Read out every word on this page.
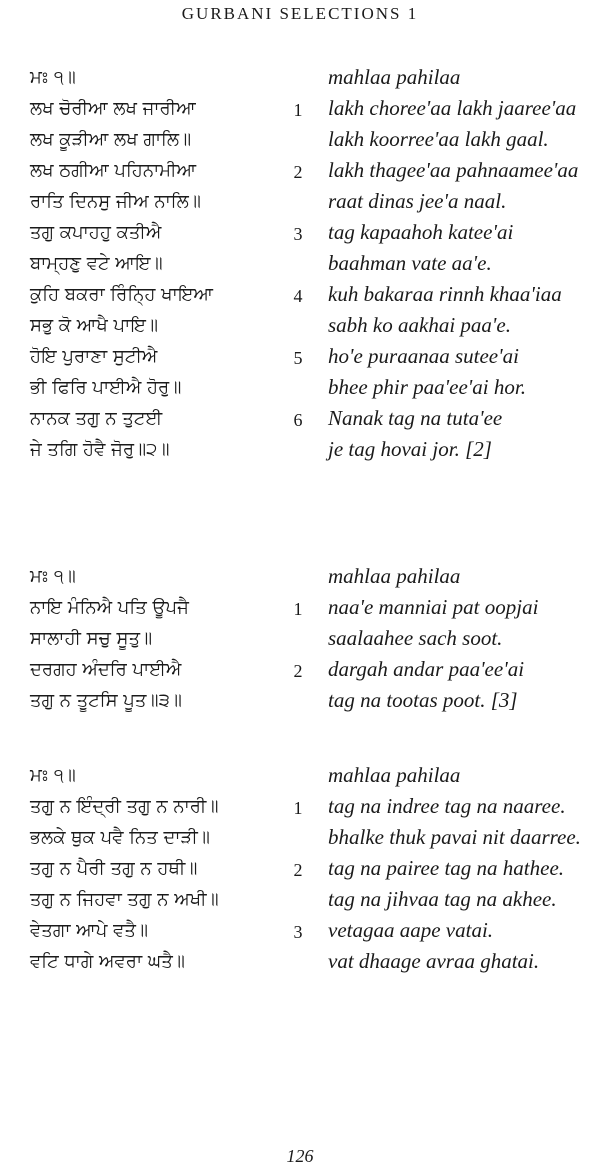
GURBANI SELECTIONS 1
ਮਃ ੧॥	mahlaa pahilaa
ਲਖ ਚੋਰੀਆ ਲਖ ਜਾਰੀਆ	1 lakh choree'aa lakh jaaree'aa
ਲਖ ਕੂੜੀਆ ਲਖ ਗਾਲਿ॥	lakh koorree'aa lakh gaal.
ਲਖ ਠਗੀਆ ਪਹਿਨਾਮੀਆ	2 lakh thagee'aa pahnaamee'aa
ਰਾਤਿ ਦਿਨਸੁ ਜੀਅ ਨਾਲਿ॥	raat dinas jee'a naal.
ਤਗੁ ਕਪਾਹਹੁ ਕਤੀਐ	3 tag kapaahoh katee'ai
ਬਾਮ੍ਹਣੁ ਵਟੇ ਆਇ॥	baahman vate aa'e.
ਕੁਹਿ ਬਕਰਾ ਰਿੰਨ੍ਹਿ ਖਾਇਆ	4 kuh bakaraa rinnh khaa'iaa
ਸਭੁ ਕੋ ਆਖੈ ਪਾਇ॥	sabh ko aakhai paa'e.
ਹੋਇ ਪੁਰਾਣਾ ਸੁਟੀਐ	5 ho'e puraanaa sutee'ai
ਭੀ ਫਿਰਿ ਪਾਈਐ ਹੋਰੁ॥	bhee phir paa'ee'ai hor.
ਨਾਨਕ ਤਗੁ ਨ ਤੁਟਈ	6 Nanak tag na tuta'ee
ਜੇ ਤਗਿ ਹੋਵੈ ਜੋਰੁ॥੨॥	je tag hovai jor. [2]
ਮਃ ੧॥	mahlaa pahilaa
ਨਾਇ ਮੰਨਿਐ ਪਤਿ ਊਪਜੈ	1 naa'e manniai pat oopjai
ਸਾਲਾਹੀ ਸਚੁ ਸੂਤੁ॥	saalaahee sach soot.
ਦਰਗਹ ਅੰਦਰਿ ਪਾਈਐ	2 dargah andar paa'ee'ai
ਤਗੁ ਨ ਤੂਟਸਿ ਪੂਤ॥੩॥	tag na tootas poot. [3]
ਮਃ ੧॥	mahlaa pahilaa
ਤਗੁ ਨ ਇੰਦ੍ਰੀ ਤਗੁ ਨ ਨਾਰੀ॥	1 tag na indree tag na naaree.
ਭਲਕੇ ਥੁਕ ਪਵੈ ਨਿਤ ਦਾੜੀ॥	bhalke thuk pavai nit daarree.
ਤਗੁ ਨ ਪੈਰੀ ਤਗੁ ਨ ਹਥੀ॥	2 tag na pairee tag na hathee.
ਤਗੁ ਨ ਜਿਹਵਾ ਤਗੁ ਨ ਅਖੀ॥	tag na jihvaa tag na akhee.
ਵੇਤਗਾ ਆਪੇ ਵਤੈ॥	3 vetagaa aape vatai.
ਵਟਿ ਧਾਗੇ ਅਵਰਾ ਘਤੈ॥	vat dhaage avraa ghatai.
126
